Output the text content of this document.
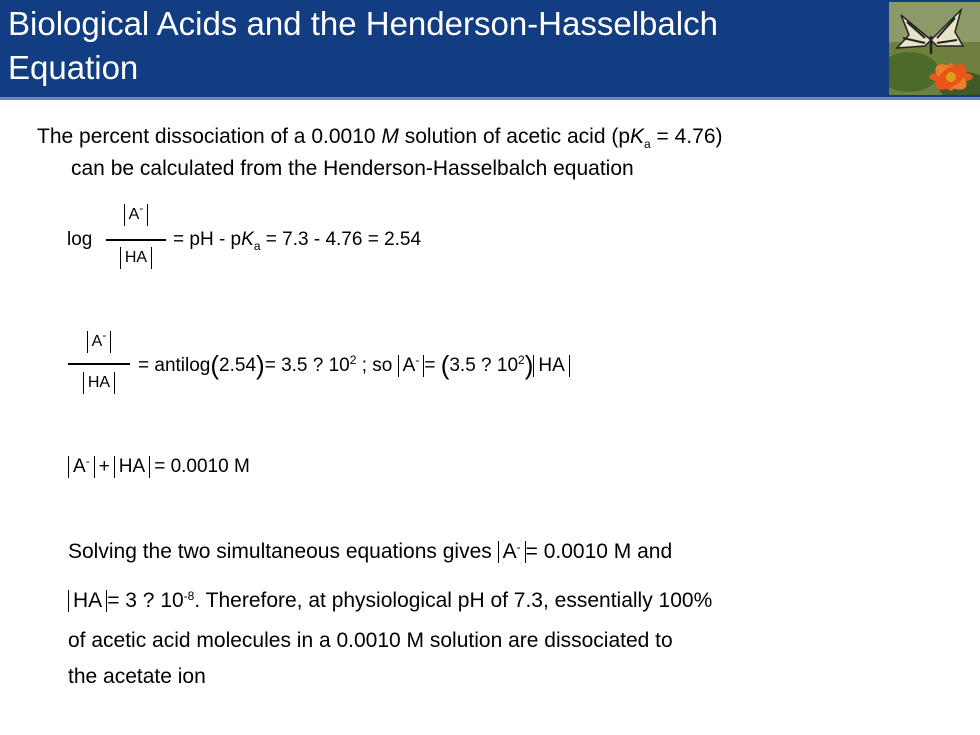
Biological Acids and the Henderson-Hasselbalch
Equation
The percent dissociation of a 0.0010 M solution of acetic acid $(pK_a = 4.76)$
can be calculated from the Henderson-Hasselbalch equation
log
A-
HA
= pH - $pK_a = 7.3 - 4.76 = 2.54$
A-
HA
= antilog(2.54)= 3.5 ? $10^2$ ; so A- = (3.5 ? $10^2$) HA
A- + HA = 0.0010 M
Solving the two simultaneous equations gives A- = 0.0010 M and
HA = 3 ? $10^{-8}$. Therefore, at physiological pH of 7.3, essentially 100%
of acetic acid molecules in a 0.0010 M solution are dissociated to
the acetate ion
